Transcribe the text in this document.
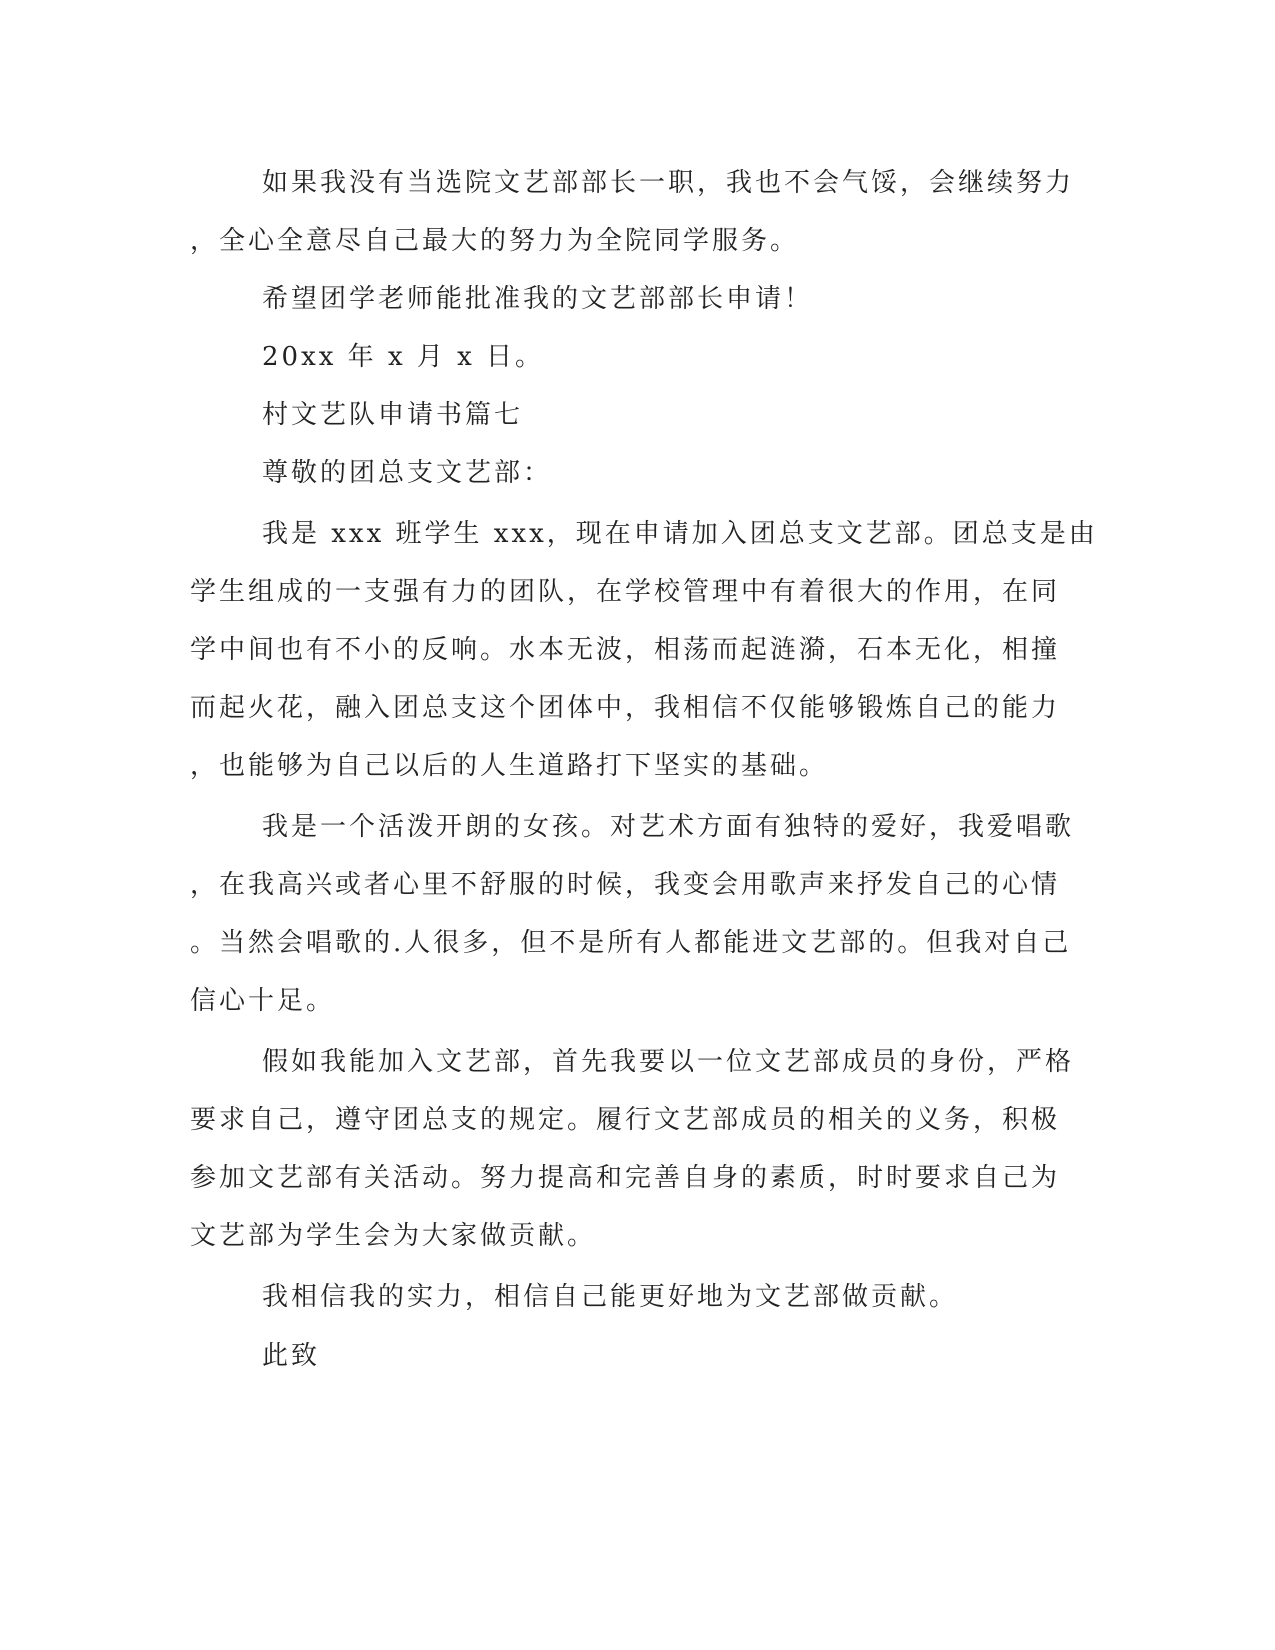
如果我没有当选院文艺部部长一职，我也不会气馁，会继续努力
，全心全意尽自己最大的努力为全院同学服务。
希望团学老师能批准我的文艺部部长申请！
20xx 年 x 月 x 日。
村文艺队申请书篇七
尊敬的团总支文艺部：
我是 xxx 班学生 xxx，现在申请加入团总支文艺部。团总支是由
学生组成的一支强有力的团队，在学校管理中有着很大的作用，在同
学中间也有不小的反响。水本无波，相荡而起涟漪，石本无化，相撞
而起火花，融入团总支这个团体中，我相信不仅能够锻炼自己的能力
，也能够为自己以后的人生道路打下坚实的基础。
我是一个活泼开朗的女孩。对艺术方面有独特的爱好，我爱唱歌
，在我高兴或者心里不舒服的时候，我变会用歌声来抒发自己的心情
。当然会唱歌的.人很多，但不是所有人都能进文艺部的。但我对自己
信心十足。
假如我能加入文艺部，首先我要以一位文艺部成员的身份，严格
要求自己，遵守团总支的规定。履行文艺部成员的相关的义务，积极
参加文艺部有关活动。努力提高和完善自身的素质，时时要求自己为
文艺部为学生会为大家做贡献。
我相信我的实力，相信自己能更好地为文艺部做贡献。
此致
